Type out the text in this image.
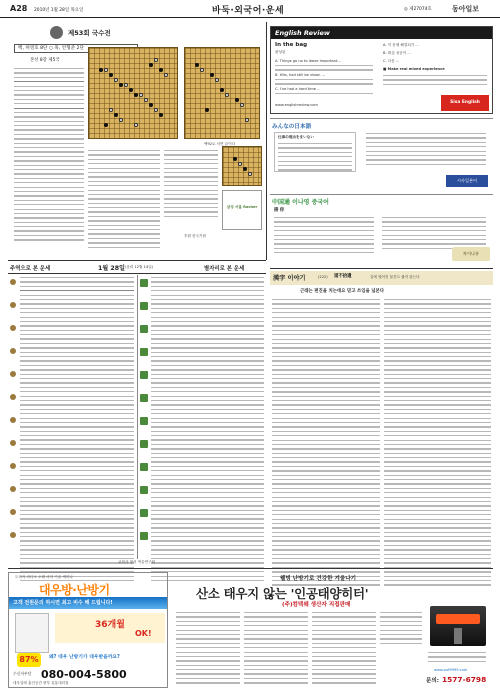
A28 2010년 1월 28일 목요일	바둑·외국어·운세	◎ 제27074호	동아일보
제53회 국수전
백, 허영호 8단 ○ 흑, 안형준 2단
본선 8강 제5국
백92로 서면 끝이다
삼성 서울 Rocher
후원 한국기원
English Review
In the bag
완성된
A. Things go no to leave important...
B. Hits, had still be vision ...
C. I've had a hard time ...
A. 이 문제 해결되기 ...
B. 확실 성공이 ...
C. 다음 ...
■ Make real mixed experience
www.englishreview.com	Sisa English
みんなの日本語
仕事の理由をまいない
시사일본어
中国通 이나영 중국어
接 你
차이나통
주역으로 본 운세	1월 28일 (음력 12월 14일)	별자리로 본 운세
교학사 정서 역술연구원
漢字 이야기	(222) 道不拾遺	길에 떨어진 물건도 줍지 않는다
근래는 편진을 치는데요 믿고 쓰임을 넘본다
도라지 라디오 오테 마하 기술 세미나
대우방·난방기
고객 전원문의 하시면 최고 비수 해 드립니다!
36개월
OK!
87%	왜? 대우 난방기가 대우받을까요?
수신자부담 080-004-5800
대우일렉 홈인공간 중부 유통대리점
웰빙 난방기로 건강한 겨울나기
산소 태우지 않는 '인공태양히터'
(주)컴텍웨 생산자 직접판매
www.ouf9999.com
문의: 1577-6798
